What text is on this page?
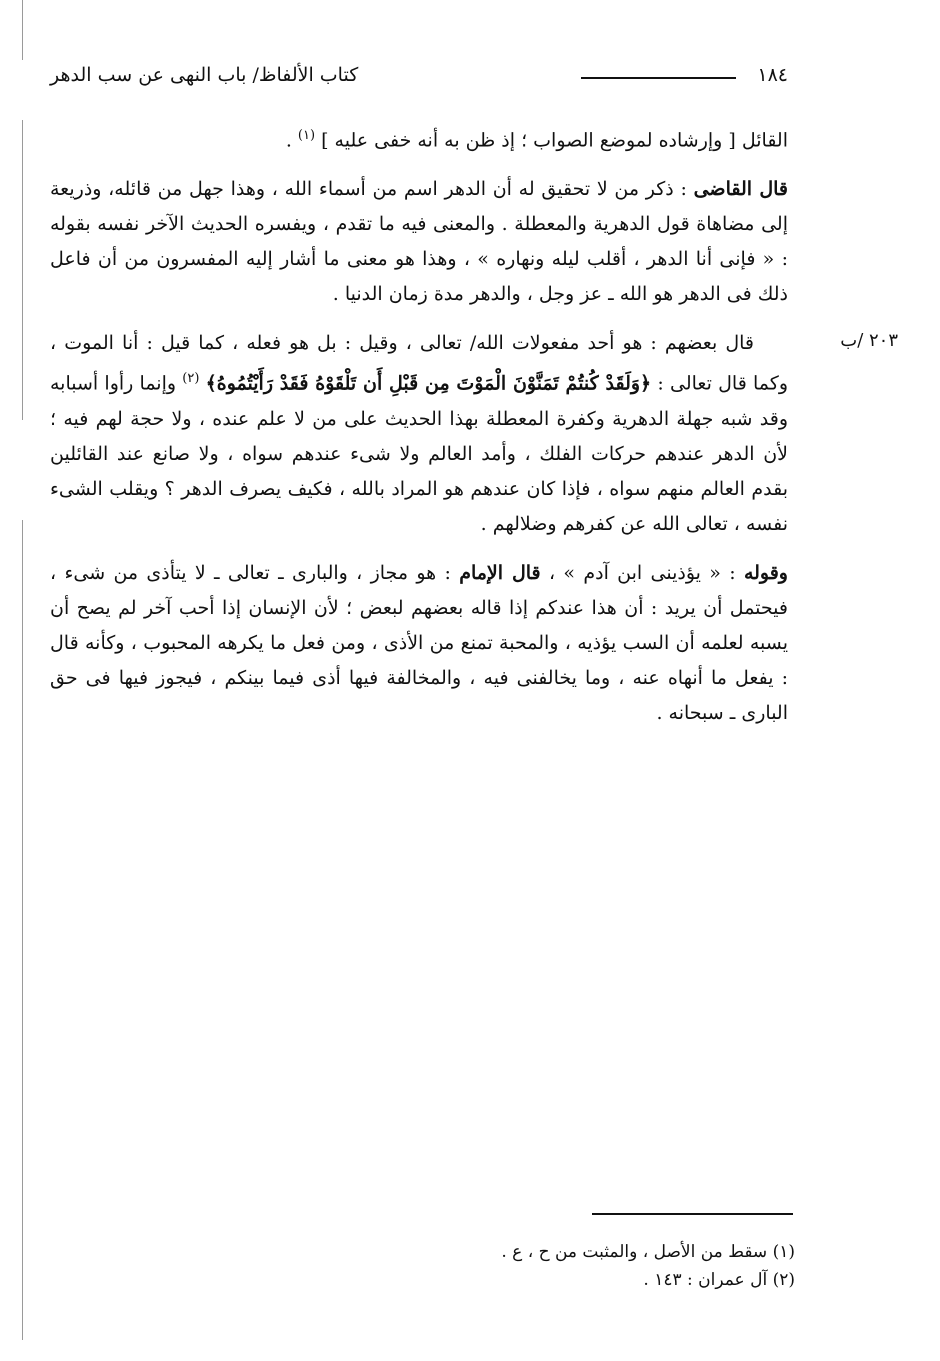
١٨٤
كتاب الألفاظ/ باب النهى عن سب الدهر
٢٠٣ /ب

القائل [ وإرشاده لموضع الصواب ؛ إذ ظن به أنه خفى عليه ] $^{(١)}$ .

قال القاضى : ذكر من لا تحقيق له أن الدهر اسم من أسماء الله ، وهذا جهل من قائله، وذريعة إلى مضاهاة قول الدهرية والمعطلة . والمعنى فيه ما تقدم ، ويفسره الحديث الآخر نفسه بقوله : « فإنى أنا الدهر ، أقلب ليله ونهاره » ، وهذا هو معنى ما أشار إليه المفسرون من أن فاعل ذلك فى الدهر هو الله ـ عز وجل ، والدهر مدة زمان الدنيا .

قال بعضهم : هو أحد مفعولات الله/ تعالى ، وقيل : بل هو فعله ، كما قيل : أنا الموت ، وكما قال تعالى : ﴿وَلَقَدْ كُنتُمْ تَمَنَّوْنَ الْمَوْتَ مِن قَبْلِ أَن تَلْقَوْهُ فَقَدْ رَأَيْتُمُوهُ﴾ $^{(٢)}$ وإنما رأوا أسبابه وقد شبه جهلة الدهرية وكفرة المعطلة بهذا الحديث على من لا علم عنده ، ولا حجة لهم فيه ؛ لأن الدهر عندهم حركات الفلك ، وأمد العالم ولا شىء عندهم سواه ، ولا صانع عند القائلين بقدم العالم منهم سواه ، فإذا كان عندهم هو المراد بالله ، فكيف يصرف الدهر ؟ ويقلب الشىء نفسه ، تعالى الله عن كفرهم وضلالهم .

وقوله : « يؤذينى ابن آدم » ، قال الإمام : هو مجاز ، والبارى ـ تعالى ـ لا يتأذى من شىء ، فيحتمل أن يريد : أن هذا عندكم إذا قاله بعضهم لبعض ؛ لأن الإنسان إذا أحب آخر لم يصح أن يسبه لعلمه أن السب يؤذيه ، والمحبة تمنع من الأذى ، ومن فعل ما يكرهه المحبوب ، وكأنه قال : يفعل ما أنهاه عنه ، وما يخالفنى فيه ، والمخالفة فيها أذى فيما بينكم ، فيجوز فيها فى حق البارى ـ سبحانه .

(١) سقط من الأصل ، والمثبت من ح ، ع .
(٢) آل عمران : ١٤٣ .
